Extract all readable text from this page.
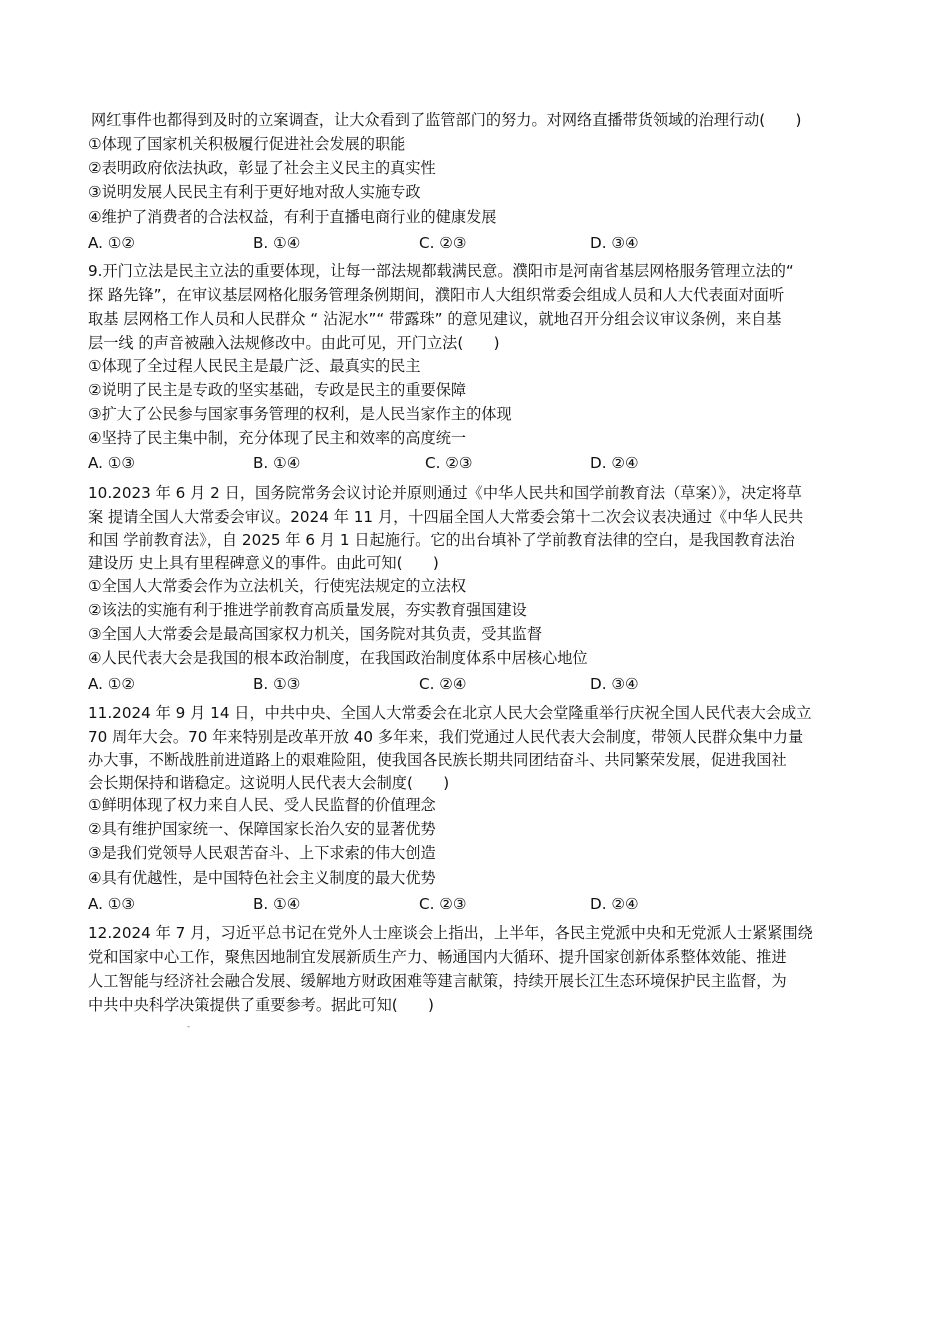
网红事件也都得到及时的立案调查，让大众看到了监管部门的努力。对网络直播带货领域的治理行动(　　)
①体现了国家机关积极履行促进社会发展的职能
②表明政府依法执政，彰显了社会主义民主的真实性
③说明发展人民民主有利于更好地对敌人实施专政
④维护了消费者的合法权益，有利于直播电商行业的健康发展
A. ①②	B. ①④	C. ②③	D. ③④
9.开门立法是民主立法的重要体现，让每一部法规都载满民意。濮阳市是河南省基层网格服务管理立法的“
探 路先锋”，在审议基层网格化服务管理条例期间，濮阳市人大组织常委会组成人员和人大代表面对面听
取基 层网格工作人员和人民群众 “ 沾泥水”“ 带露珠” 的意见建议，就地召开分组会议审议条例，来自基
层一线 的声音被融入法规修改中。由此可见，开门立法(　　)
①体现了全过程人民民主是最广泛、最真实的民主
②说明了民主是专政的坚实基础，专政是民主的重要保障
③扩大了公民参与国家事务管理的权利，是人民当家作主的体现
④坚持了民主集中制，充分体现了民主和效率的高度统一
A. ①③	B. ①④	C. ②③	D. ②④
10.2023 年 6 月 2 日，国务院常务会议讨论并原则通过《中华人民共和国学前教育法（草案）》，决定将草
案 提请全国人大常委会审议。2024 年 11 月，十四届全国人大常委会第十二次会议表决通过《中华人民共
和国 学前教育法》，自 2025 年 6 月 1 日起施行。它的出台填补了学前教育法律的空白，是我国教育法治
建设历 史上具有里程碑意义的事件。由此可知(　　)
①全国人大常委会作为立法机关，行使宪法规定的立法权
②该法的实施有利于推进学前教育高质量发展，夯实教育强国建设
③全国人大常委会是最高国家权力机关，国务院对其负责，受其监督
④人民代表大会是我国的根本政治制度，在我国政治制度体系中居核心地位
A. ①②	B. ①③	C. ②④	D. ③④
11.2024 年 9 月 14 日，中共中央、全国人大常委会在北京人民大会堂隆重举行庆祝全国人民代表大会成立
70 周年大会。70 年来特别是改革开放 40 多年来，我们党通过人民代表大会制度，带领人民群众集中力量
办大事，不断战胜前进道路上的艰难险阻，使我国各民族长期共同团结奋斗、共同繁荣发展，促进我国社
会长期保持和谐稳定。这说明人民代表大会制度(　　)
①鲜明体现了权力来自人民、受人民监督的价值理念
②具有维护国家统一、保障国家长治久安的显著优势
③是我们党领导人民艰苦奋斗、上下求索的伟大创造
④具有优越性，是中国特色社会主义制度的最大优势
A. ①③	B. ①④	C. ②③	D. ②④
12.2024 年 7 月，习近平总书记在党外人士座谈会上指出，上半年，各民主党派中央和无党派人士紧紧围绕
党和国家中心工作，聚焦因地制宜发展新质生产力、畅通国内大循环、提升国家创新体系整体效能、推进
人工智能与经济社会融合发展、缓解地方财政困难等建言献策，持续开展长江生态环境保护民主监督，为
中共中央科学决策提供了重要参考。据此可知(　　)
-
